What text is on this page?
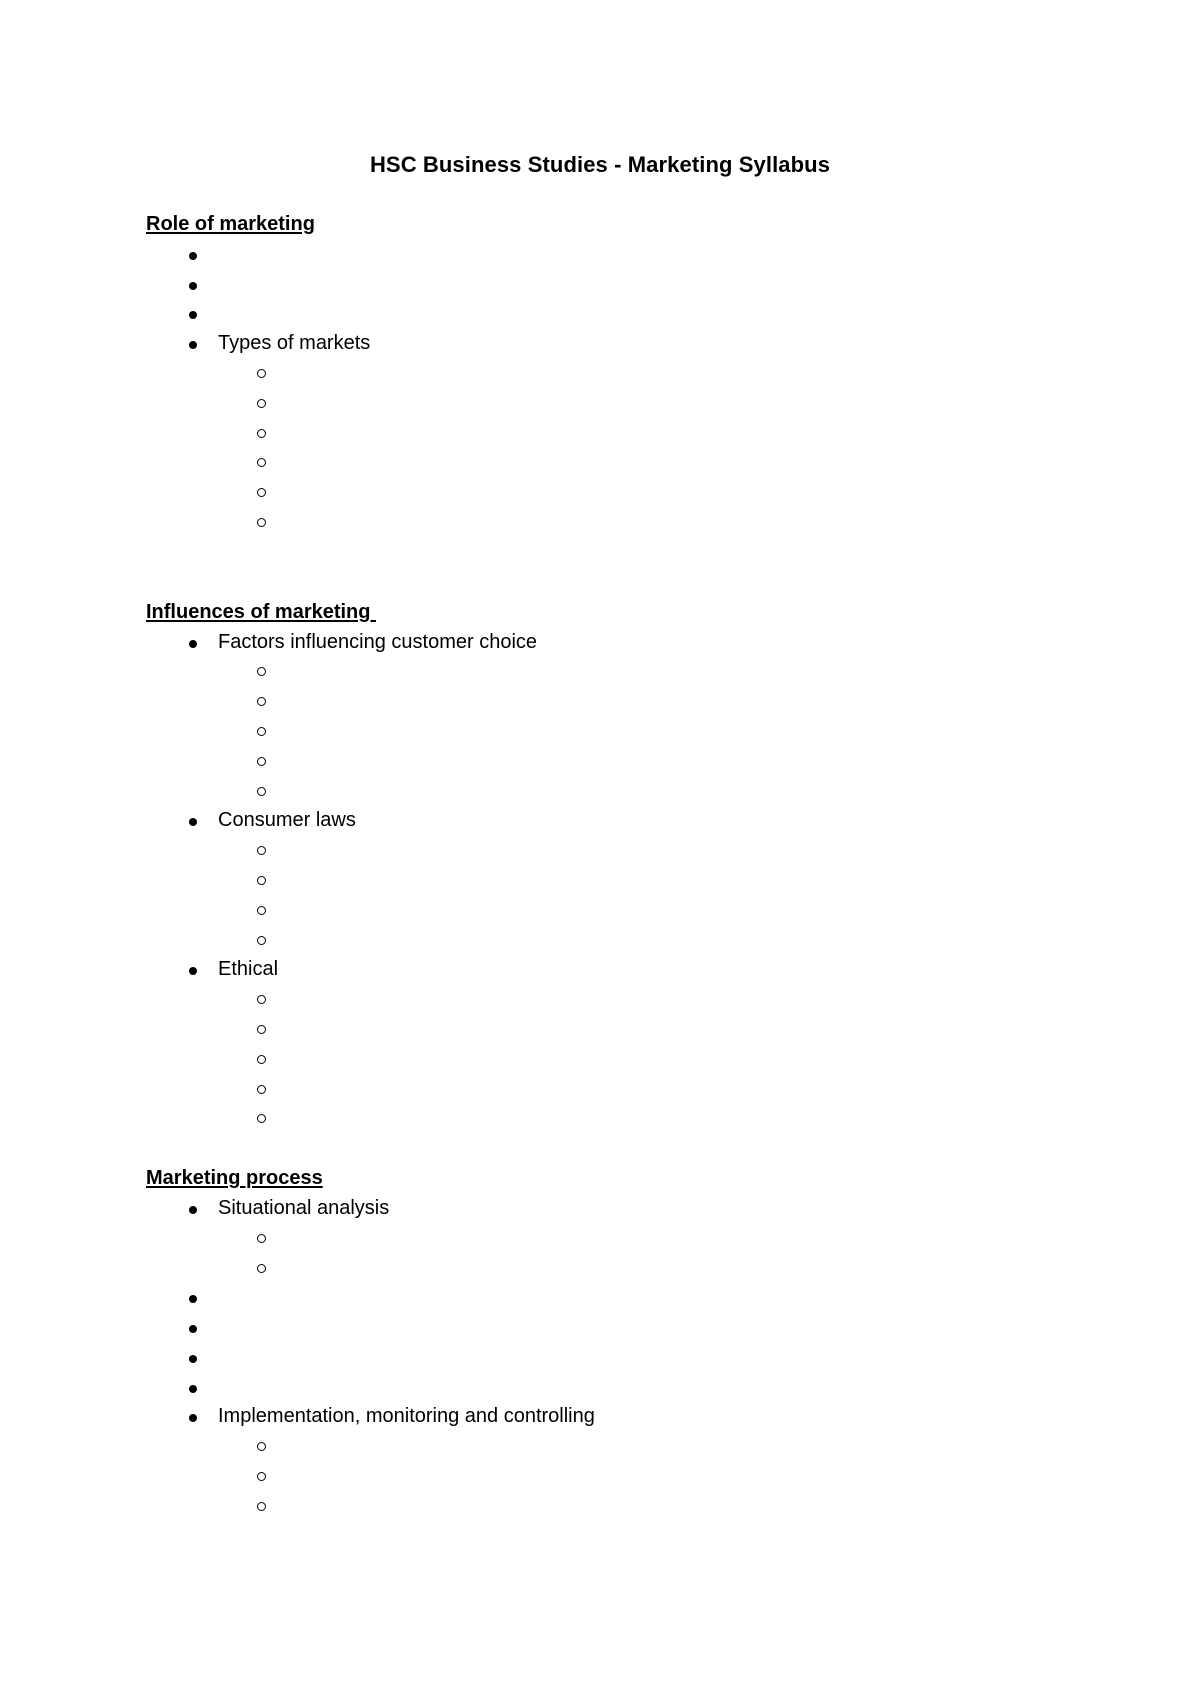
HSC Business Studies - Marketing Syllabus

Role of marketing

Types of markets

Influences of marketing

Factors influencing customer choice
Consumer laws
Ethical

Marketing process

Situational analysis
Implementation, monitoring and controlling
